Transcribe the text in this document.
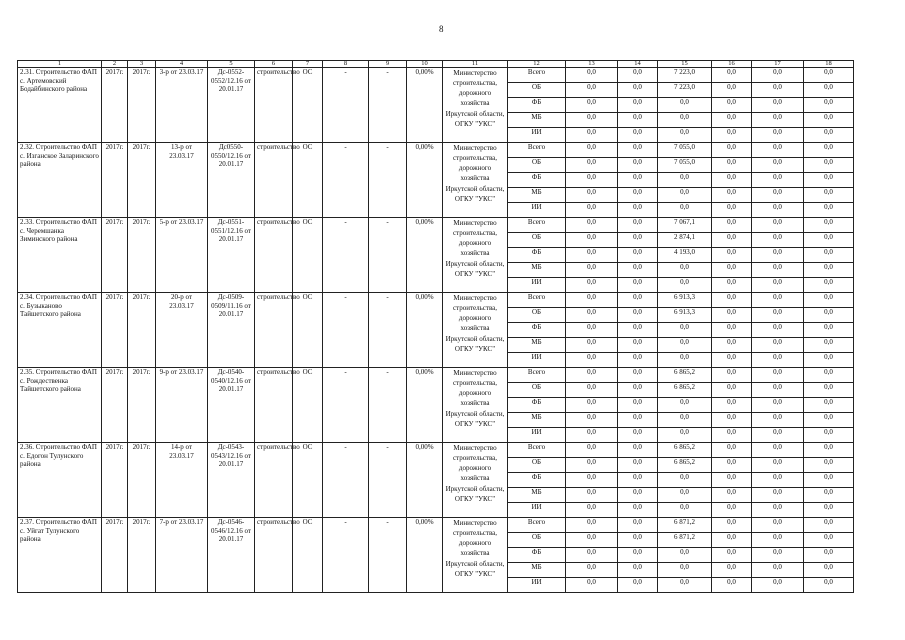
8
1	2	3	4	5	6	7	8	9	10	11	12	13	14	15	16	17	18
2.31. Строительство ФАП с. Артемовский Бодайбинского района	2017г.	2017г.	3-р от 23.03.17	Дс-0552-0552/12.16 от 20.01.17	строительство	ОС	-	-	0,00%	Министерство строительства, дорожного хозяйства Иркутской области, ОГКУ "УКС"	Всего	0,0	0,0	7 223,0	0,0	0,0	0,0
											ОБ	0,0	0,0	7 223,0	0,0	0,0	0,0
											ФБ	0,0	0,0	0,0	0,0	0,0	0,0
											МБ	0,0	0,0	0,0	0,0	0,0	0,0
											ИИ	0,0	0,0	0,0	0,0	0,0	0,0
2.32. Строительство ФАП с. Изганское Заларинского района	2017г.	2017г.	13-р от 23.03.17	Дс0550-0550/12.16 от 20.01.17	строительство	ОС	-	-	0,00%	Министерство строительства, дорожного хозяйства Иркутской области, ОГКУ "УКС"	Всего	0,0	0,0	7 055,0	0,0	0,0	0,0
											ОБ	0,0	0,0	7 055,0	0,0	0,0	0,0
											ФБ	0,0	0,0	0,0	0,0	0,0	0,0
											МБ	0,0	0,0	0,0	0,0	0,0	0,0
											ИИ	0,0	0,0	0,0	0,0	0,0	0,0
2.33. Строительство ФАП с. Черемшанка Зиминского района	2017г.	2017г.	5-р от 23.03.17	Дс-0551-0551/12.16 от 20.01.17	строительство	ОС	-	-	0,00%	Министерство строительства, дорожного хозяйства Иркутской области, ОГКУ "УКС"	Всего	0,0	0,0	7 067,1	0,0	0,0	0,0
											ОБ	0,0	0,0	2 874,1	0,0	0,0	0,0
											ФБ	0,0	0,0	4 193,0	0,0	0,0	0,0
											МБ	0,0	0,0	0,0	0,0	0,0	0,0
											ИИ	0,0	0,0	0,0	0,0	0,0	0,0
2.34. Строительство ФАП с. Бузыканово Тайшетского района	2017г.	2017г.	20-р от 23.03.17	Дс-0509-0509/11.16 от 20.01.17	строительство	ОС	-	-	0,00%	Министерство строительства, дорожного хозяйства Иркутской области, ОГКУ "УКС"	Всего	0,0	0,0	6 913,3	0,0	0,0	0,0
											ОБ	0,0	0,0	6 913,3	0,0	0,0	0,0
											ФБ	0,0	0,0	0,0	0,0	0,0	0,0
											МБ	0,0	0,0	0,0	0,0	0,0	0,0
											ИИ	0,0	0,0	0,0	0,0	0,0	0,0
2.35. Строительство ФАП с. Рождественка Тайшетского района	2017г.	2017г.	9-р от 23.03.17	Дс-0540-0540/12.16 от 20.01.17	строительство	ОС	-	-	0,00%	Министерство строительства, дорожного хозяйства Иркутской области, ОГКУ "УКС"	Всего	0,0	0,0	6 865,2	0,0	0,0	0,0
											ОБ	0,0	0,0	6 865,2	0,0	0,0	0,0
											ФБ	0,0	0,0	0,0	0,0	0,0	0,0
											МБ	0,0	0,0	0,0	0,0	0,0	0,0
											ИИ	0,0	0,0	0,0	0,0	0,0	0,0
2.36. Строительство ФАП с. Едогон Тулунского района	2017г.	2017г.	14-р от 23.03.17	Дс-0543-0543/12.16 от 20.01.17	строительство	ОС	-	-	0,00%	Министерство строительства, дорожного хозяйства Иркутской области, ОГКУ "УКС"	Всего	0,0	0,0	6 865,2	0,0	0,0	0,0
											ОБ	0,0	0,0	6 865,2	0,0	0,0	0,0
											ФБ	0,0	0,0	0,0	0,0	0,0	0,0
											МБ	0,0	0,0	0,0	0,0	0,0	0,0
											ИИ	0,0	0,0	0,0	0,0	0,0	0,0
2.37. Строительство ФАП с. Уйгат Тулунского района	2017г.	2017г.	7-р от 23.03.17	Дс-0546-0546/12.16 от 20.01.17	строительство	ОС	-	-	0,00%	Министерство строительства, дорожного хозяйства Иркутской области, ОГКУ "УКС"	Всего	0,0	0,0	6 871,2	0,0	0,0	0,0
											ОБ	0,0	0,0	6 871,2	0,0	0,0	0,0
											ФБ	0,0	0,0	0,0	0,0	0,0	0,0
											МБ	0,0	0,0	0,0	0,0	0,0	0,0
											ИИ	0,0	0,0	0,0	0,0	0,0	0,0
